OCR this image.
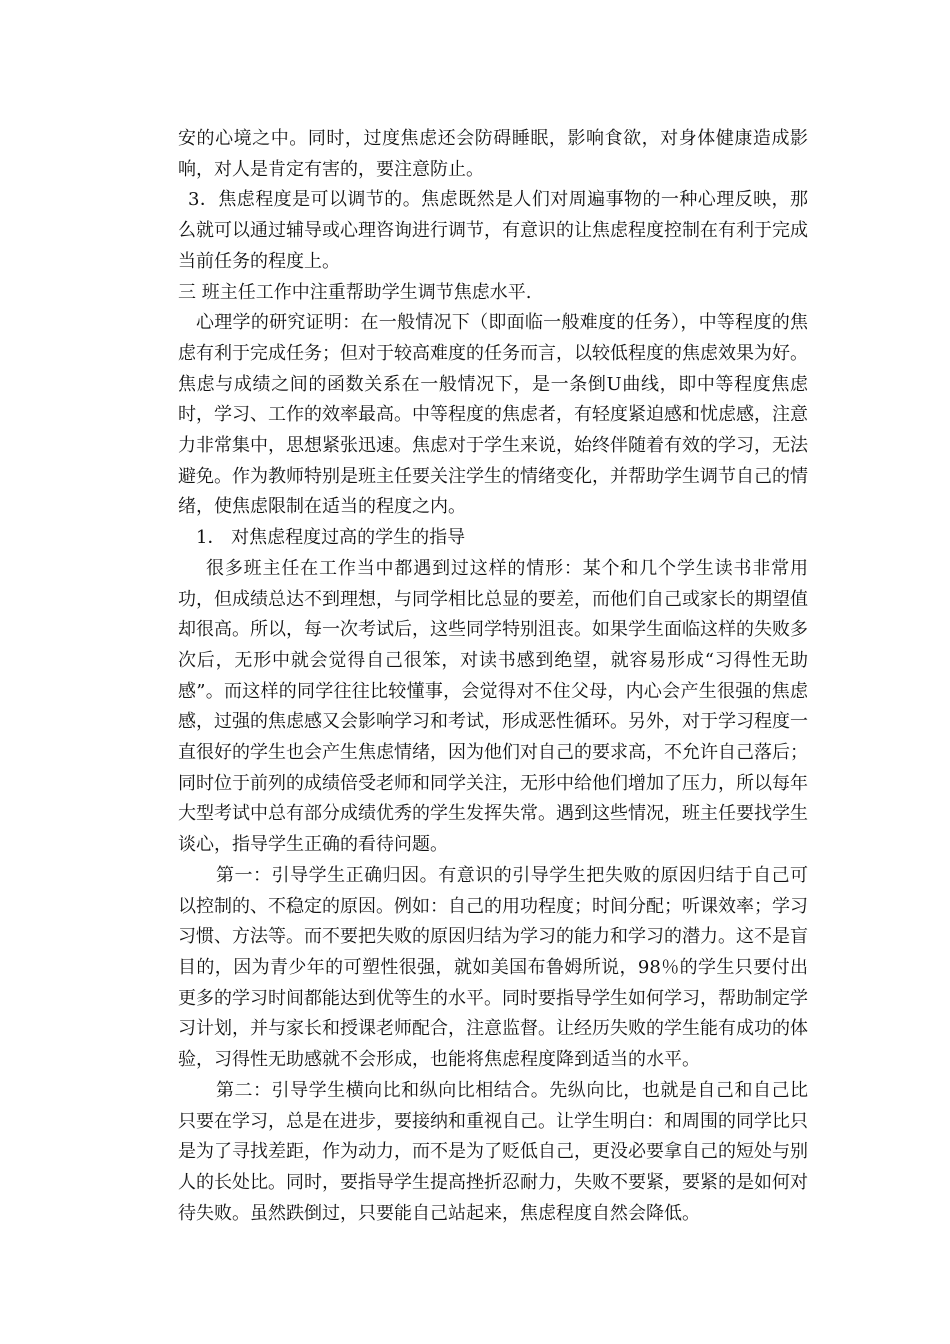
安的心境之中。同时，过度焦虑还会防碍睡眠，影响食欲，对身体健康造成影响，对人是肯定有害的，要注意防止。

3．焦虑程度是可以调节的。焦虑既然是人们对周遍事物的一种心理反映，那么就可以通过辅导或心理咨询进行调节，有意识的让焦虑程度控制在有利于完成当前任务的程度上。

三 班主任工作中注重帮助学生调节焦虑水平.

心理学的研究证明：在一般情况下（即面临一般难度的任务），中等程度的焦虑有利于完成任务；但对于较高难度的任务而言，以较低程度的焦虑效果为好。焦虑与成绩之间的函数关系在一般情况下，是一条倒U曲线，即中等程度焦虑时，学习、工作的效率最高。中等程度的焦虑者，有轻度紧迫感和忧虑感，注意力非常集中，思想紧张迅速。焦虑对于学生来说，始终伴随着有效的学习，无法避免。作为教师特别是班主任要关注学生的情绪变化，并帮助学生调节自己的情绪，使焦虑限制在适当的程度之内。

1． 对焦虑程度过高的学生的指导

很多班主任在工作当中都遇到过这样的情形：某个和几个学生读书非常用功，但成绩总达不到理想，与同学相比总显的要差，而他们自己或家长的期望值却很高。所以，每一次考试后，这些同学特别沮丧。如果学生面临这样的失败多次后，无形中就会觉得自己很笨，对读书感到绝望，就容易形成“习得性无助感”。而这样的同学往往比较懂事，会觉得对不住父母，内心会产生很强的焦虑感，过强的焦虑感又会影响学习和考试，形成恶性循环。另外，对于学习程度一直很好的学生也会产生焦虑情绪，因为他们对自己的要求高，不允许自己落后；同时位于前列的成绩倍受老师和同学关注，无形中给他们增加了压力，所以每年大型考试中总有部分成绩优秀的学生发挥失常。遇到这些情况，班主任要找学生谈心，指导学生正确的看待问题。

第一：引导学生正确归因。有意识的引导学生把失败的原因归结于自己可以控制的、不稳定的原因。例如：自己的用功程度；时间分配；听课效率；学习习惯、方法等。而不要把失败的原因归结为学习的能力和学习的潜力。这不是盲目的，因为青少年的可塑性很强，就如美国布鲁姆所说，98％的学生只要付出更多的学习时间都能达到优等生的水平。同时要指导学生如何学习，帮助制定学习计划，并与家长和授课老师配合，注意监督。让经历失败的学生能有成功的体验，习得性无助感就不会形成，也能将焦虑程度降到适当的水平。

第二：引导学生横向比和纵向比相结合。先纵向比，也就是自己和自己比只要在学习，总是在进步，要接纳和重视自己。让学生明白：和周围的同学比只是为了寻找差距，作为动力，而不是为了贬低自己，更没必要拿自己的短处与别人的长处比。同时，要指导学生提高挫折忍耐力，失败不要紧，要紧的是如何对待失败。虽然跌倒过，只要能自己站起来，焦虑程度自然会降低。
